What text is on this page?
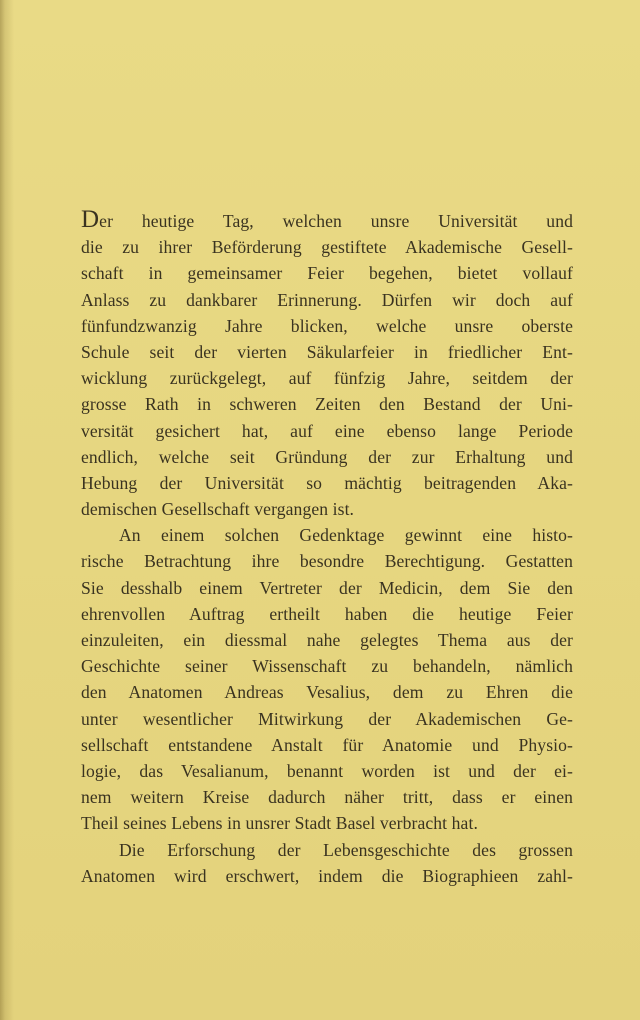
Der heutige Tag, welchen unsre Universität und
die zu ihrer Beförderung gestiftete Akademische Gesell-
schaft in gemeinsamer Feier begehen, bietet vollauf
Anlass zu dankbarer Erinnerung. Dürfen wir doch auf
fünfundzwanzig Jahre blicken, welche unsre oberste
Schule seit der vierten Säkularfeier in friedlicher Ent-
wicklung zurückgelegt, auf fünfzig Jahre, seitdem der
grosse Rath in schweren Zeiten den Bestand der Uni-
versität gesichert hat, auf eine ebenso lange Periode
endlich, welche seit Gründung der zur Erhaltung und
Hebung der Universität so mächtig beitragenden Aka-
demischen Gesellschaft vergangen ist.
An einem solchen Gedenktage gewinnt eine histo-
rische Betrachtung ihre besondre Berechtigung. Gestatten
Sie desshalb einem Vertreter der Medicin, dem Sie den
ehrenvollen Auftrag ertheilt haben die heutige Feier
einzuleiten, ein diessmal nahe gelegtes Thema aus der
Geschichte seiner Wissenschaft zu behandeln, nämlich
den Anatomen Andreas Vesalius, dem zu Ehren die
unter wesentlicher Mitwirkung der Akademischen Ge-
sellschaft entstandene Anstalt für Anatomie und Physio-
logie, das Vesalianum, benannt worden ist und der ei-
nem weitern Kreise dadurch näher tritt, dass er einen
Theil seines Lebens in unsrer Stadt Basel verbracht hat.
Die Erforschung der Lebensgeschichte des grossen
Anatomen wird erschwert, indem die Biographieen zahl-
